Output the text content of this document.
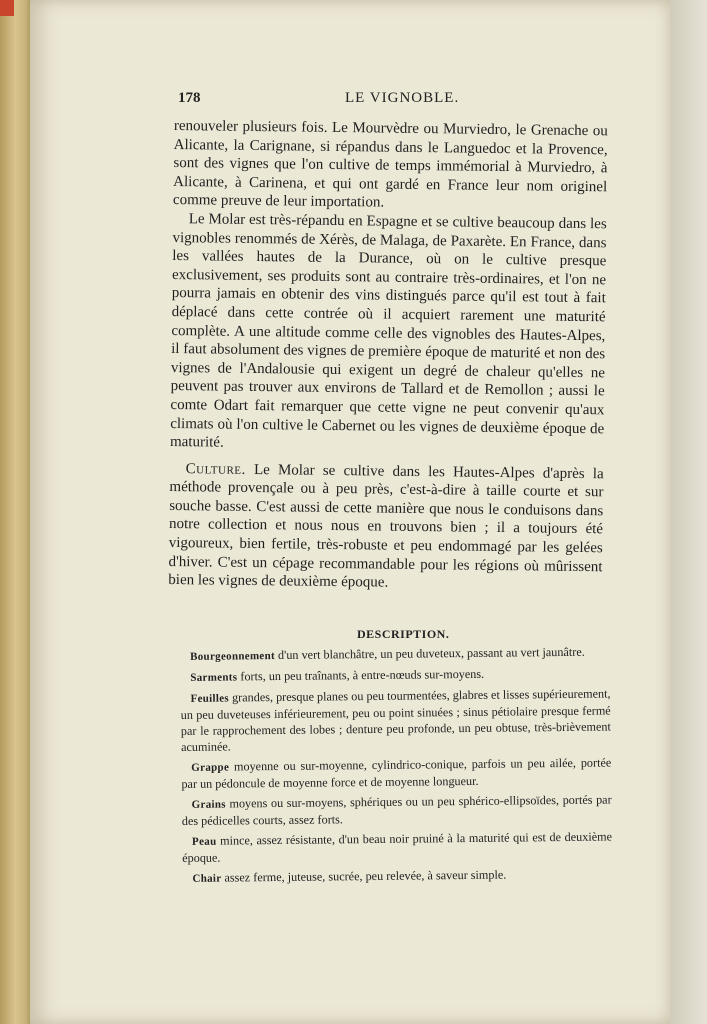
178	LE VIGNOBLE.

renouveler plusieurs fois. Le Mourvèdre ou Murviedro, le Grenache ou Alicante, la Carignane, si répandus dans le Languedoc et la Provence, sont des vignes que l'on cultive de temps immémorial à Murviedro, à Alicante, à Carinena, et qui ont gardé en France leur nom originel comme preuve de leur importation.

Le Molar est très-répandu en Espagne et se cultive beaucoup dans les vignobles renommés de Xérès, de Malaga, de Paxarète. En France, dans les vallées hautes de la Durance, où on le cultive presque exclusivement, ses produits sont au contraire très-ordinaires, et l'on ne pourra jamais en obtenir des vins distingués parce qu'il est tout à fait déplacé dans cette contrée où il acquiert rarement une maturité complète. A une altitude comme celle des vignobles des Hautes-Alpes, il faut absolument des vignes de première époque de maturité et non des vignes de l'Andalousie qui exigent un degré de chaleur qu'elles ne peuvent pas trouver aux environs de Tallard et de Remollon ; aussi le comte Odart fait remarquer que cette vigne ne peut convenir qu'aux climats où l'on cultive le Cabernet ou les vignes de deuxième époque de maturité.

Culture. Le Molar se cultive dans les Hautes-Alpes d'après la méthode provençale ou à peu près, c'est-à-dire à taille courte et sur souche basse. C'est aussi de cette manière que nous le conduisons dans notre collection et nous nous en trouvons bien ; il a toujours été vigoureux, bien fertile, très-robuste et peu endommagé par les gelées d'hiver. C'est un cépage recommandable pour les régions où mûrissent bien les vignes de deuxième époque.

DESCRIPTION.

Bourgeonnement d'un vert blanchâtre, un peu duveteux, passant au vert jaunâtre.

Sarments forts, un peu traînants, à entre-nœuds sur-moyens.

Feuilles grandes, presque planes ou peu tourmentées, glabres et lisses supérieurement, un peu duveteuses inférieurement, peu ou point sinuées ; sinus pétiolaire presque fermé par le rapprochement des lobes ; denture peu profonde, un peu obtuse, très-brièvement acuminée.

Grappe moyenne ou sur-moyenne, cylindrico-conique, parfois un peu ailée, portée par un pédoncule de moyenne force et de moyenne longueur.

Grains moyens ou sur-moyens, sphériques ou un peu sphérico-ellipsoïdes, portés par des pédicelles courts, assez forts.

Peau mince, assez résistante, d'un beau noir pruiné à la maturité qui est de deuxième époque.

Chair assez ferme, juteuse, sucrée, peu relevée, à saveur simple.
